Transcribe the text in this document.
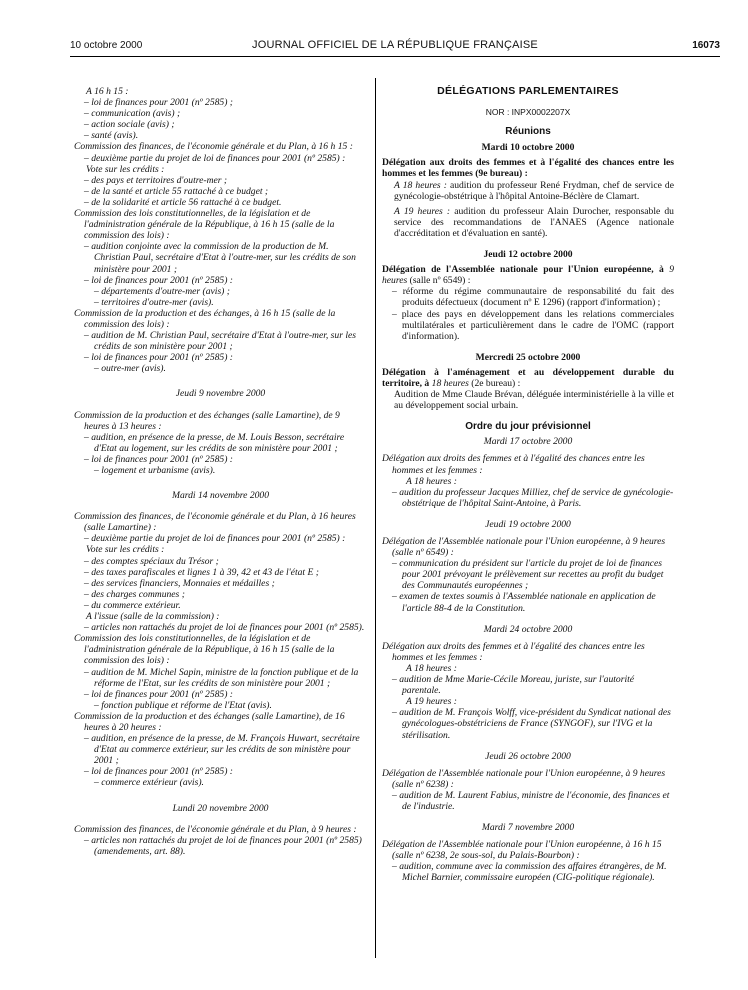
10 octobre 2000	JOURNAL OFFICIEL DE LA RÉPUBLIQUE FRANÇAISE	16073

A 16 h 15 :

– loi de finances pour 2001 (nº 2585) ;

– communication (avis) ;

– action sociale (avis) ;

– santé (avis).

Commission des finances, de l'économie générale et du Plan, à 16 h 15 :

– deuxième partie du projet de loi de finances pour 2001 (nº 2585) :

Vote sur les crédits :

– des pays et territoires d'outre-mer ;

– de la santé et article 55 rattaché à ce budget ;

– de la solidarité et article 56 rattaché à ce budget.

Commission des lois constitutionnelles, de la législation et de l'administration générale de la République, à 16 h 15 (salle de la commission des lois) :

– audition conjointe avec la commission de la production de M. Christian Paul, secrétaire d'Etat à l'outre-mer, sur les crédits de son ministère pour 2001 ;

– loi de finances pour 2001 (nº 2585) :

– départements d'outre-mer (avis) ;

– territoires d'outre-mer (avis).

Commission de la production et des échanges, à 16 h 15 (salle de la commission des lois) :

– audition de M. Christian Paul, secrétaire d'Etat à l'outre-mer, sur les crédits de son ministère pour 2001 ;

– loi de finances pour 2001 (nº 2585) :

– outre-mer (avis).

Jeudi 9 novembre 2000

Commission de la production et des échanges (salle Lamartine), de 9 heures à 13 heures :

– audition, en présence de la presse, de M. Louis Besson, secrétaire d'Etat au logement, sur les crédits de son ministère pour 2001 ;

– loi de finances pour 2001 (nº 2585) :

– logement et urbanisme (avis).

Mardi 14 novembre 2000

Commission des finances, de l'économie générale et du Plan, à 16 heures (salle Lamartine) :

– deuxième partie du projet de loi de finances pour 2001 (nº 2585) :

Vote sur les crédits :

– des comptes spéciaux du Trésor ;

– des taxes parafiscales et lignes 1 à 39, 42 et 43 de l'état E ;

– des services financiers, Monnaies et médailles ;

– des charges communes ;

– du commerce extérieur.

A l'issue (salle de la commission) :

– articles non rattachés du projet de loi de finances pour 2001 (nº 2585).

Commission des lois constitutionnelles, de la législation et de l'administration générale de la République, à 16 h 15 (salle de la commission des lois) :

– audition de M. Michel Sapin, ministre de la fonction publique et de la réforme de l'Etat, sur les crédits de son ministère pour 2001 ;

– loi de finances pour 2001 (nº 2585) :

– fonction publique et réforme de l'Etat (avis).

Commission de la production et des échanges (salle Lamartine), de 16 heures à 20 heures :

– audition, en présence de la presse, de M. François Huwart, secrétaire d'Etat au commerce extérieur, sur les crédits de son ministère pour 2001 ;

– loi de finances pour 2001 (nº 2585) :

– commerce extérieur (avis).

Lundi 20 novembre 2000

Commission des finances, de l'économie générale et du Plan, à 9 heures :

– articles non rattachés du projet de loi de finances pour 2001 (nº 2585) (amendements, art. 88).

DÉLÉGATIONS PARLEMENTAIRES

NOR : INPX0002207X

Réunions

Mardi 10 octobre 2000

Délégation aux droits des femmes et à l'égalité des chances entre les hommes et les femmes (9e bureau) :

A 18 heures : audition du professeur René Frydman, chef de service de gynécologie-obstétrique à l'hôpital Antoine-Béclère de Clamart.

A 19 heures : audition du professeur Alain Durocher, responsable du service des recommandations de l'ANAES (Agence nationale d'accréditation et d'évaluation en santé).

Jeudi 12 octobre 2000

Délégation de l'Assemblée nationale pour l'Union européenne, à 9 heures (salle nº 6549) :

– réforme du régime communautaire de responsabilité du fait des produits défectueux (document nº E 1296) (rapport d'information) ;

– place des pays en développement dans les relations commerciales multilatérales et particulièrement dans le cadre de l'OMC (rapport d'information).

Mercredi 25 octobre 2000

Délégation à l'aménagement et au développement durable du territoire, à 18 heures (2e bureau) :

Audition de Mme Claude Brévan, déléguée interministérielle à la ville et au développement social urbain.

Ordre du jour prévisionnel

Mardi 17 octobre 2000

Délégation aux droits des femmes et à l'égalité des chances entre les hommes et les femmes :

A 18 heures :

– audition du professeur Jacques Milliez, chef de service de gynécologie-obstétrique de l'hôpital Saint-Antoine, à Paris.

Jeudi 19 octobre 2000

Délégation de l'Assemblée nationale pour l'Union européenne, à 9 heures (salle nº 6549) :

– communication du président sur l'article du projet de loi de finances pour 2001 prévoyant le prélèvement sur recettes au profit du budget des Communautés européennes ;

– examen de textes soumis à l'Assemblée nationale en application de l'article 88-4 de la Constitution.

Mardi 24 octobre 2000

Délégation aux droits des femmes et à l'égalité des chances entre les hommes et les femmes :

A 18 heures :

– audition de Mme Marie-Cécile Moreau, juriste, sur l'autorité parentale.

A 19 heures :

– audition de M. François Wolff, vice-président du Syndicat national des gynécologues-obstétriciens de France (SYNGOF), sur l'IVG et la stérilisation.

Jeudi 26 octobre 2000

Délégation de l'Assemblée nationale pour l'Union européenne, à 9 heures (salle nº 6238) :

– audition de M. Laurent Fabius, ministre de l'économie, des finances et de l'industrie.

Mardi 7 novembre 2000

Délégation de l'Assemblée nationale pour l'Union européenne, à 16 h 15 (salle nº 6238, 2e sous-sol, du Palais-Bourbon) :

– audition, commune avec la commission des affaires étrangères, de M. Michel Barnier, commissaire européen (CIG-politique régionale).
